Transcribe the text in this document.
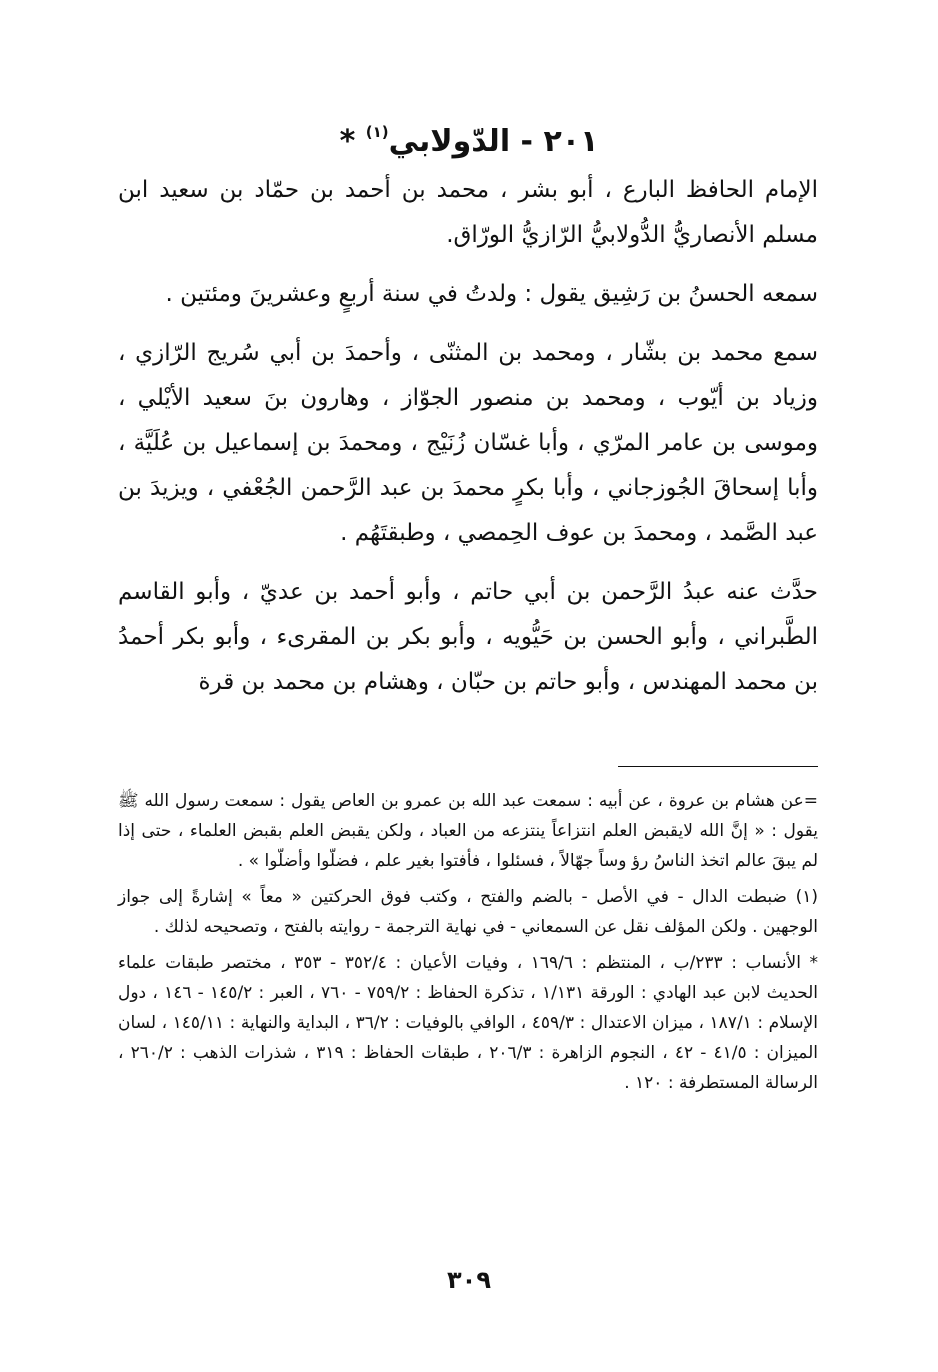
٢٠١ - الدّولابي$^{(١)}$ *

الإمام الحافظ البارع ، أبو بشر ، محمد بن أحمد بن حمّاد بن سعيد ابن مسلم الأنصاريُّ الدُّولابيُّ الرّازيُّ الورّاق.

سمعه الحسنُ بن رَشِيق يقول : ولدتُ في سنة أربعٍ وعشرينَ ومئتين .

سمع محمد بن بشّار ، ومحمد بن المثنّى ، وأحمدَ بن أبي سُريج الرّازي ، وزياد بن أيّوب ، ومحمد بن منصور الجوّاز ، وهارون بنَ سعيد الأيْلي ، وموسى بن عامر المرّي ، وأبا غسّان زُنَيْج ، ومحمدَ بن إسماعيل بن عُلَيَّة ، وأبا إسحاقَ الجُوزجاني ، وأبا بكرٍ محمدَ بن عبد الرَّحمن الجُعْفي ، ويزيدَ بن عبد الصَّمد ، ومحمدَ بن عوف الحِمصي ، وطبقتَهُم .

حدَّث عنه عبدُ الرَّحمن بن أبي حاتم ، وأبو أحمد بن عديّ ، وأبو القاسم الطَّبراني ، وأبو الحسن بن حَيُّويه ، وأبو بكر بن المقرىء ، وأبو بكر أحمدُ بن محمد المهندس ، وأبو حاتم بن حبّان ، وهشام بن محمد بن قرة

=عن هشام بن عروة ، عن أبيه : سمعت عبد الله بن عمرو بن العاص يقول : سمعت رسول الله ﷺ يقول : « إنَّ الله لايقبض العلم انتزاعاً ينتزعه من العباد ، ولكن يقبض العلم بقبض العلماء ، حتى إذا لم يبقَ عالم اتخذ الناسُ رؤ وساً جهّالاً ، فسئلوا ، فأفتوا بغير علم ، فضلّوا وأضلّوا » .

(١) ضبطت الدال - في الأصل - بالضم والفتح ، وكتب فوق الحركتين « معاً » إشارةً إلى جواز الوجهين . ولكن المؤلف نقل عن السمعاني - في نهاية الترجمة - روايته بالفتح ، وتصحيحه لذلك .

* الأنساب : ٢٣٣/ب ، المنتظم : ١٦٩/٦ ، وفيات الأعيان : ٣٥٢/٤ - ٣٥٣ ، مختصر طبقات علماء الحديث لابن عبد الهادي : الورقة ١/١٣١ ، تذكرة الحفاظ : ٧٥٩/٢ - ٧٦٠ ، العبر : ١٤٥/٢ - ١٤٦ ، دول الإسلام : ١٨٧/١ ، ميزان الاعتدال : ٤٥٩/٣ ، الوافي بالوفيات : ٣٦/٢ ، البداية والنهاية : ١٤٥/١١ ، لسان الميزان : ٤١/٥ - ٤٢ ، النجوم الزاهرة : ٢٠٦/٣ ، طبقات الحفاظ : ٣١٩ ، شذرات الذهب : ٢٦٠/٢ ، الرسالة المستطرفة : ١٢٠ .

٣٠٩
